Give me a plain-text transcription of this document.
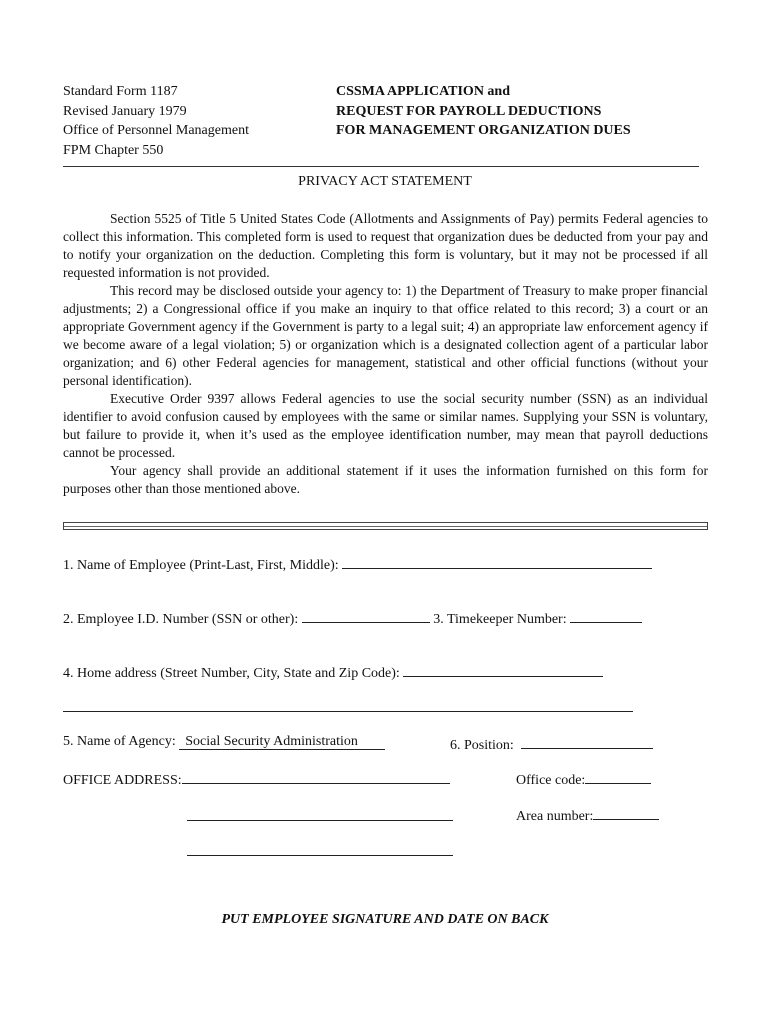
Standard Form 1187
Revised January 1979
Office of Personnel Management
FPM Chapter 550
CSSMA APPLICATION and
REQUEST FOR PAYROLL DEDUCTIONS
FOR MANAGEMENT ORGANIZATION DUES
PRIVACY ACT STATEMENT

Section 5525 of Title 5 United States Code (Allotments and Assignments of Pay) permits Federal agencies to collect this information. This completed form is used to request that organization dues be deducted from your pay and to notify your organization on the deduction. Completing this form is voluntary, but it may not be processed if all requested information is not provided.

This record may be disclosed outside your agency to: 1) the Department of Treasury to make proper financial adjustments; 2) a Congressional office if you make an inquiry to that office related to this record; 3) a court or an appropriate Government agency if the Government is party to a legal suit; 4) an appropriate law enforcement agency if we become aware of a legal violation; 5) or organization which is a designated collection agent of a particular labor organization; and 6) other Federal agencies for management, statistical and other official functions (without your personal identification).

Executive Order 9397 allows Federal agencies to use the social security number (SSN) as an individual identifier to avoid confusion caused by employees with the same or similar names. Supplying your SSN is voluntary, but failure to provide it, when it’s used as the employee identification number, may mean that payroll deductions cannot be processed.

Your agency shall provide an additional statement if it uses the information furnished on this form for purposes other than those mentioned above.

1. Name of Employee (Print-Last, First, Middle):
2. Employee I.D. Number (SSN or other):	3. Timekeeper Number:
4. Home address (Street Number, City, State and Zip Code):
5. Name of Agency: Social Security Administration	6. Position:
OFFICE ADDRESS:	Office code:
Area number:
PUT EMPLOYEE SIGNATURE AND DATE ON BACK
